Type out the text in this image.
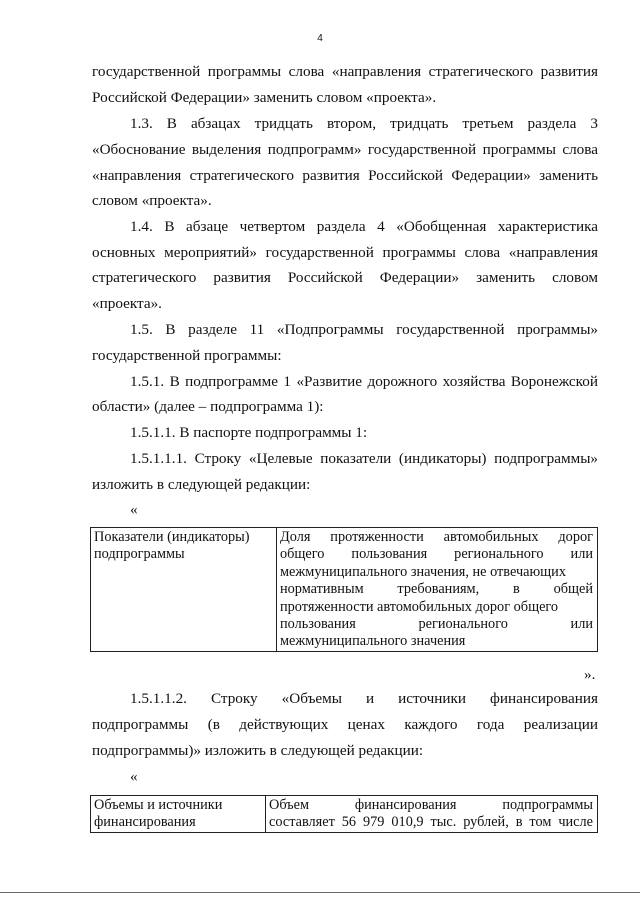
4
государственной программы слова «направления стратегического развития
Российской Федерации» заменить словом «проекта».
1.3. В абзацах тридцать втором, тридцать третьем раздела 3
«Обоснование выделения подпрограмм» государственной программы слова
«направления стратегического развития Российской Федерации» заменить
словом «проекта».
1.4. В абзаце четвертом раздела 4 «Обобщенная характеристика
основных мероприятий» государственной программы слова «направления
стратегического развития Российской Федерации» заменить словом
«проекта».
1.5. В разделе 11 «Подпрограммы государственной программы»
государственной программы:
1.5.1. В подпрограмме 1 «Развитие дорожного хозяйства Воронежской
области» (далее – подпрограмма 1):
1.5.1.1. В паспорте подпрограммы 1:
1.5.1.1.1. Строку «Целевые показатели (индикаторы) подпрограммы»
изложить в следующей редакции:
«
Показатели (индикаторы)
подпрограммы

Доля протяженности автомобильных дорог
общего пользования регионального или
межмуниципального значения, не отвечающих
нормативным требованиям, в общей
протяженности автомобильных дорог общего
пользования регионального или
межмуниципального значения
».
1.5.1.1.2. Строку «Объемы и источники финансирования
подпрограммы (в действующих ценах каждого года реализации
подпрограммы)» изложить в следующей редакции:
«
Объемы и источники
финансирования

Объем финансирования подпрограммы
составляет 56 979 010,9 тыс. рублей, в том числе
